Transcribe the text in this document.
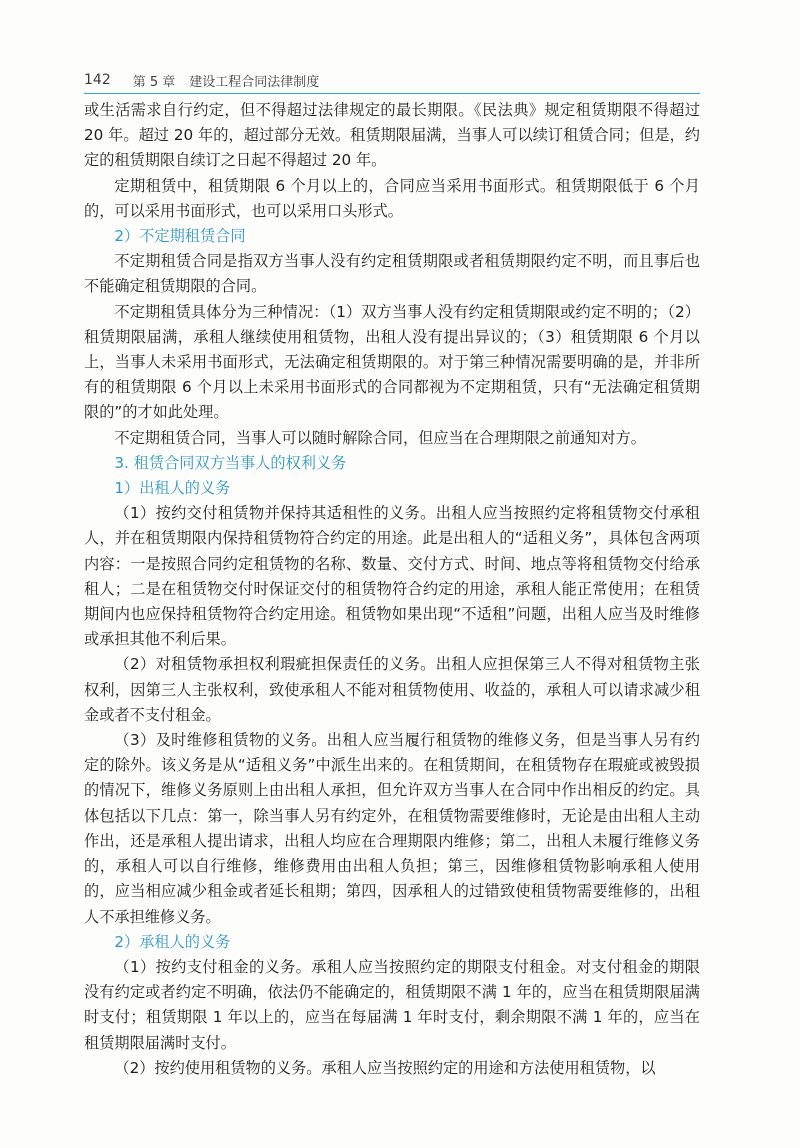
142 第 5 章 建设工程合同法律制度

或生活需求自行约定，但不得超过法律规定的最长期限。《民法典》规定租赁期限不得超过 20 年。超过 20 年的，超过部分无效。租赁期限届满，当事人可以续订租赁合同；但是，约定的租赁期限自续订之日起不得超过 20 年。

定期租赁中，租赁期限 6 个月以上的，合同应当采用书面形式。租赁期限低于 6 个月的，可以采用书面形式，也可以采用口头形式。

2）不定期租赁合同

不定期租赁合同是指双方当事人没有约定租赁期限或者租赁期限约定不明，而且事后也不能确定租赁期限的合同。

不定期租赁具体分为三种情况：（1）双方当事人没有约定租赁期限或约定不明的；（2）租赁期限届满，承租人继续使用租赁物，出租人没有提出异议的；（3）租赁期限 6 个月以上，当事人未采用书面形式，无法确定租赁期限的。对于第三种情况需要明确的是，并非所有的租赁期限 6 个月以上未采用书面形式的合同都视为不定期租赁，只有“无法确定租赁期限的”的才如此处理。

不定期租赁合同，当事人可以随时解除合同，但应当在合理期限之前通知对方。

3. 租赁合同双方当事人的权利义务

1）出租人的义务

（1）按约交付租赁物并保持其适租性的义务。出租人应当按照约定将租赁物交付承租人，并在租赁期限内保持租赁物符合约定的用途。此是出租人的“适租义务”，具体包含两项内容：一是按照合同约定租赁物的名称、数量、交付方式、时间、地点等将租赁物交付给承租人；二是在租赁物交付时保证交付的租赁物符合约定的用途，承租人能正常使用；在租赁期间内也应保持租赁物符合约定用途。租赁物如果出现“不适租”问题，出租人应当及时维修或承担其他不利后果。

（2）对租赁物承担权利瑕疵担保责任的义务。出租人应担保第三人不得对租赁物主张权利，因第三人主张权利，致使承租人不能对租赁物使用、收益的，承租人可以请求减少租金或者不支付租金。

（3）及时维修租赁物的义务。出租人应当履行租赁物的维修义务，但是当事人另有约定的除外。该义务是从“适租义务”中派生出来的。在租赁期间，在租赁物存在瑕疵或被毁损的情况下，维修义务原则上由出租人承担，但允许双方当事人在合同中作出相反的约定。具体包括以下几点：第一，除当事人另有约定外，在租赁物需要维修时，无论是由出租人主动作出，还是承租人提出请求，出租人均应在合理期限内维修；第二，出租人未履行维修义务的，承租人可以自行维修，维修费用由出租人负担；第三，因维修租赁物影响承租人使用的，应当相应减少租金或者延长租期；第四，因承租人的过错致使租赁物需要维修的，出租人不承担维修义务。

2）承租人的义务

（1）按约支付租金的义务。承租人应当按照约定的期限支付租金。对支付租金的期限没有约定或者约定不明确，依法仍不能确定的，租赁期限不满 1 年的，应当在租赁期限届满时支付；租赁期限 1 年以上的，应当在每届满 1 年时支付，剩余期限不满 1 年的，应当在租赁期限届满时支付。

（2）按约使用租赁物的义务。承租人应当按照约定的用途和方法使用租赁物，以
